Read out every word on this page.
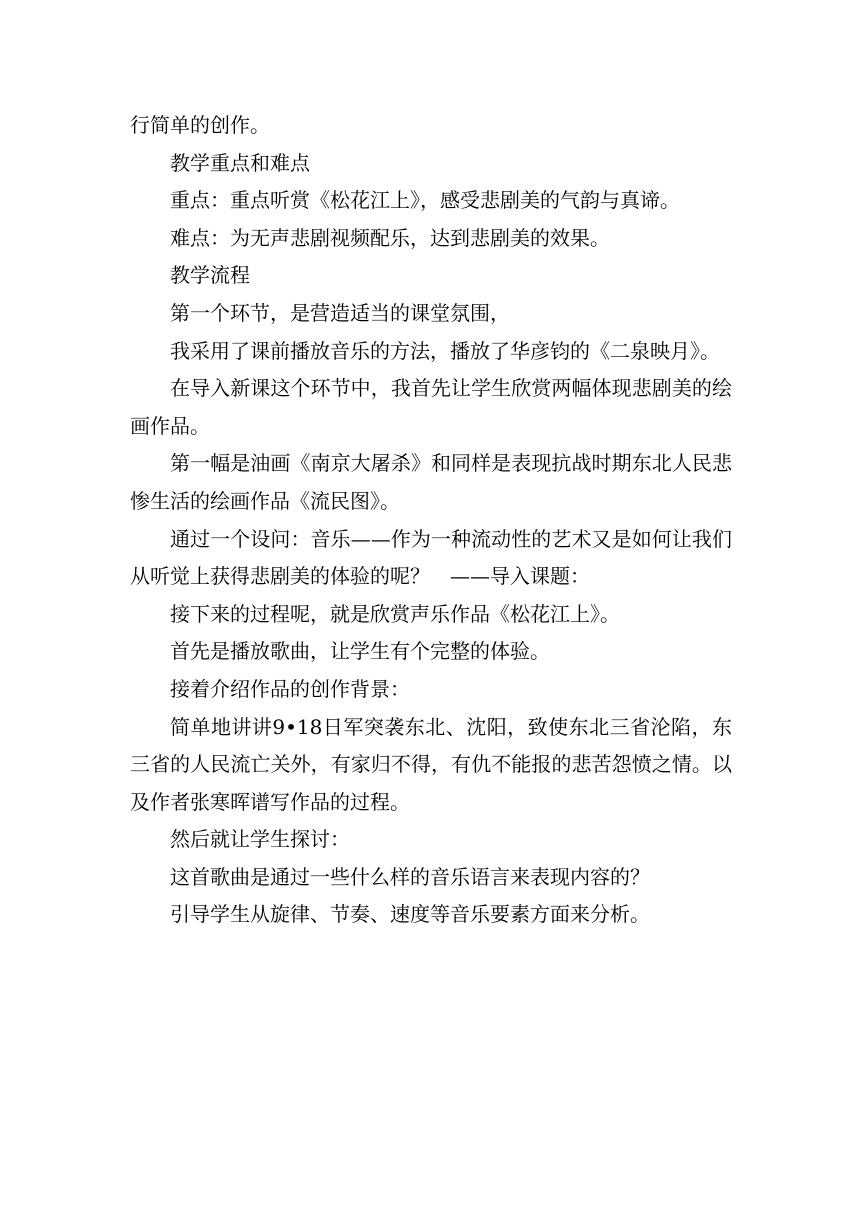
行简单的创作。

教学重点和难点

重点：重点听赏《松花江上》，感受悲剧美的气韵与真谛。

难点：为无声悲剧视频配乐，达到悲剧美的效果。

教学流程

第一个环节，是营造适当的课堂氛围，

我采用了课前播放音乐的方法，播放了华彦钧的《二泉映月》。

在导入新课这个环节中，我首先让学生欣赏两幅体现悲剧美的绘画作品。

第一幅是油画《南京大屠杀》和同样是表现抗战时期东北人民悲惨生活的绘画作品《流民图》。

通过一个设问：音乐——作为一种流动性的艺术又是如何让我们从听觉上获得悲剧美的体验的呢？　——导入课题：

接下来的过程呢，就是欣赏声乐作品《松花江上》。

首先是播放歌曲，让学生有个完整的体验。

接着介绍作品的创作背景：

简单地讲讲9•18日军突袭东北、沈阳，致使东北三省沦陷，东三省的人民流亡关外，有家归不得，有仇不能报的悲苦怨愤之情。以及作者张寒晖谱写作品的过程。

然后就让学生探讨：

这首歌曲是通过一些什么样的音乐语言来表现内容的？

引导学生从旋律、节奏、速度等音乐要素方面来分析。
